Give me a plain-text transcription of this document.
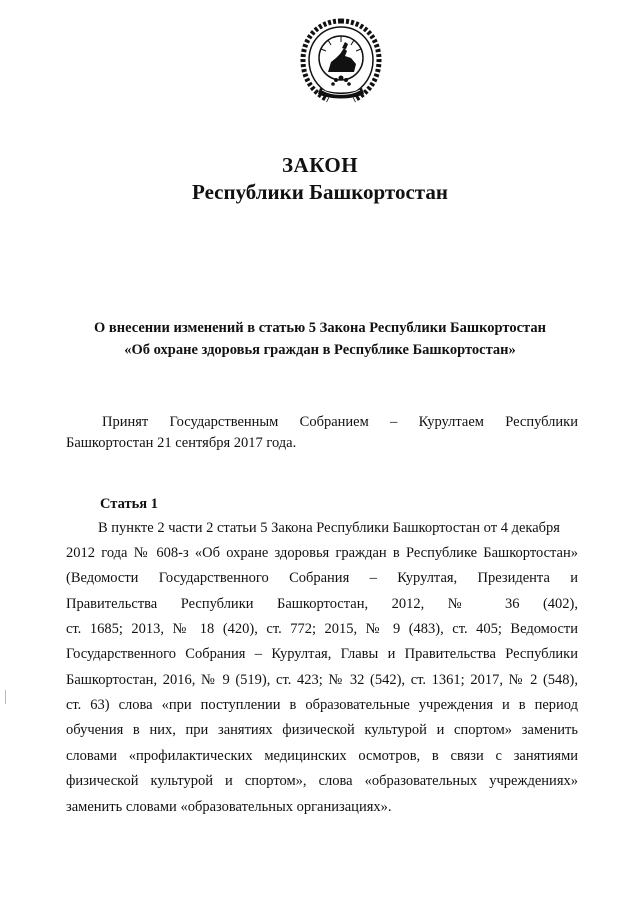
ЗАКОН
Республики Башкортостан
О внесении изменений в статью 5 Закона Республики Башкортостан
«Об охране здоровья граждан в Республике Башкортостан»
Принят Государственным Собранием – Курултаем Республики
Башкортостан 21 сентября 2017 года.
Статья 1
В пункте 2 части 2 статьи 5 Закона Республики Башкортостан от 4 декабря
2012 года № 608-з «Об охране здоровья граждан в Республике Башкортостан»
(Ведомости Государственного Собрания – Курултая, Президента и
Правительства Республики Башкортостан, 2012, № 36 (402),
ст. 1685; 2013, № 18 (420), ст. 772; 2015, № 9 (483), ст. 405; Ведомости
Государственного Собрания – Курултая, Главы и Правительства Республики
Башкортостан, 2016, № 9 (519), ст. 423; № 32 (542), ст. 1361; 2017, № 2 (548),
ст. 63) слова «при поступлении в образовательные учреждения и в период
обучения в них, при занятиях физической культурой и спортом» заменить
словами «профилактических медицинских осмотров, в связи с занятиями
физической культурой и спортом», слова «образовательных учреждениях»
заменить словами «образовательных организациях».
